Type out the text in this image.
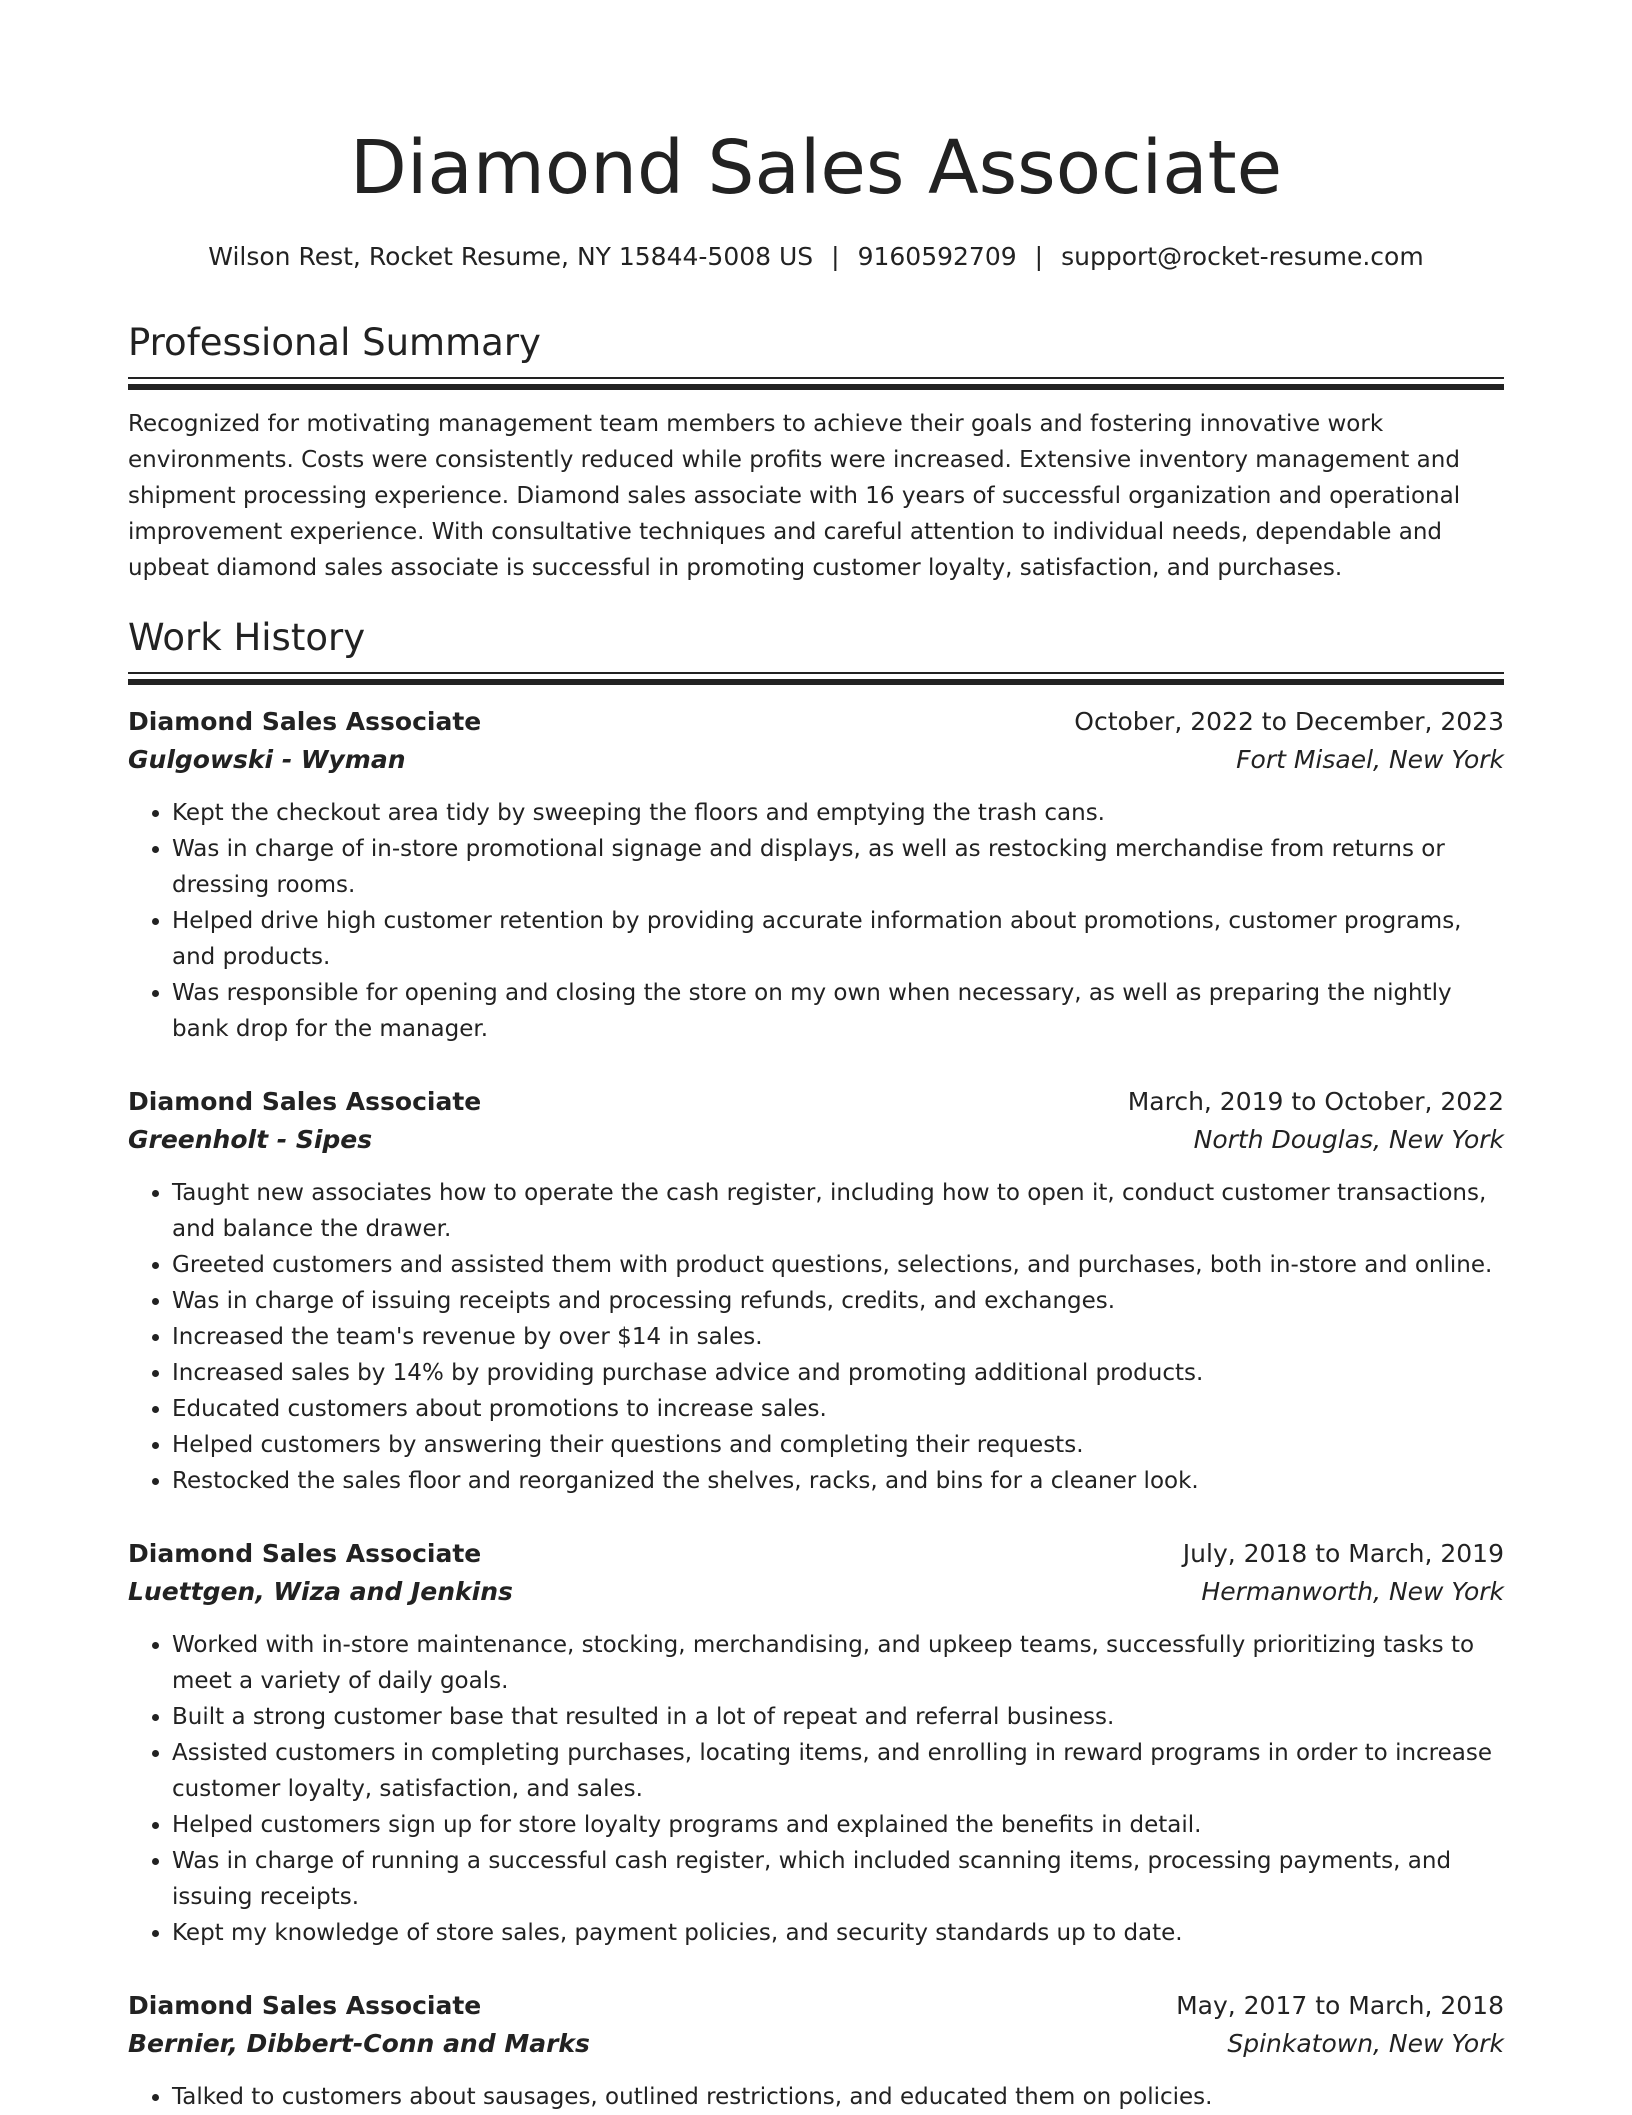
Diamond Sales Associate
Wilson Rest, Rocket Resume, NY 15844-5008 US | 9160592709 | support@rocket-resume.com
Professional Summary
Recognized for motivating management team members to achieve their goals and fostering innovative work environments. Costs were consistently reduced while profits were increased. Extensive inventory management and shipment processing experience. Diamond sales associate with 16 years of successful organization and operational improvement experience. With consultative techniques and careful attention to individual needs, dependable and upbeat diamond sales associate is successful in promoting customer loyalty, satisfaction, and purchases.
Work History
Diamond Sales Associate	October, 2022 to December, 2023
Gulgowski - Wyman	Fort Misael, New York
• Kept the checkout area tidy by sweeping the floors and emptying the trash cans.
• Was in charge of in-store promotional signage and displays, as well as restocking merchandise from returns or dressing rooms.
• Helped drive high customer retention by providing accurate information about promotions, customer programs, and products.
• Was responsible for opening and closing the store on my own when necessary, as well as preparing the nightly bank drop for the manager.
Diamond Sales Associate	March, 2019 to October, 2022
Greenholt - Sipes	North Douglas, New York
• Taught new associates how to operate the cash register, including how to open it, conduct customer transactions, and balance the drawer.
• Greeted customers and assisted them with product questions, selections, and purchases, both in-store and online.
• Was in charge of issuing receipts and processing refunds, credits, and exchanges.
• Increased the team's revenue by over $14 in sales.
• Increased sales by 14% by providing purchase advice and promoting additional products.
• Educated customers about promotions to increase sales.
• Helped customers by answering their questions and completing their requests.
• Restocked the sales floor and reorganized the shelves, racks, and bins for a cleaner look.
Diamond Sales Associate	July, 2018 to March, 2019
Luettgen, Wiza and Jenkins	Hermanworth, New York
• Worked with in-store maintenance, stocking, merchandising, and upkeep teams, successfully prioritizing tasks to meet a variety of daily goals.
• Built a strong customer base that resulted in a lot of repeat and referral business.
• Assisted customers in completing purchases, locating items, and enrolling in reward programs in order to increase customer loyalty, satisfaction, and sales.
• Helped customers sign up for store loyalty programs and explained the benefits in detail.
• Was in charge of running a successful cash register, which included scanning items, processing payments, and issuing receipts.
• Kept my knowledge of store sales, payment policies, and security standards up to date.
Diamond Sales Associate	May, 2017 to March, 2018
Bernier, Dibbert-Conn and Marks	Spinkatown, New York
• Talked to customers about sausages, outlined restrictions, and educated them on policies.
